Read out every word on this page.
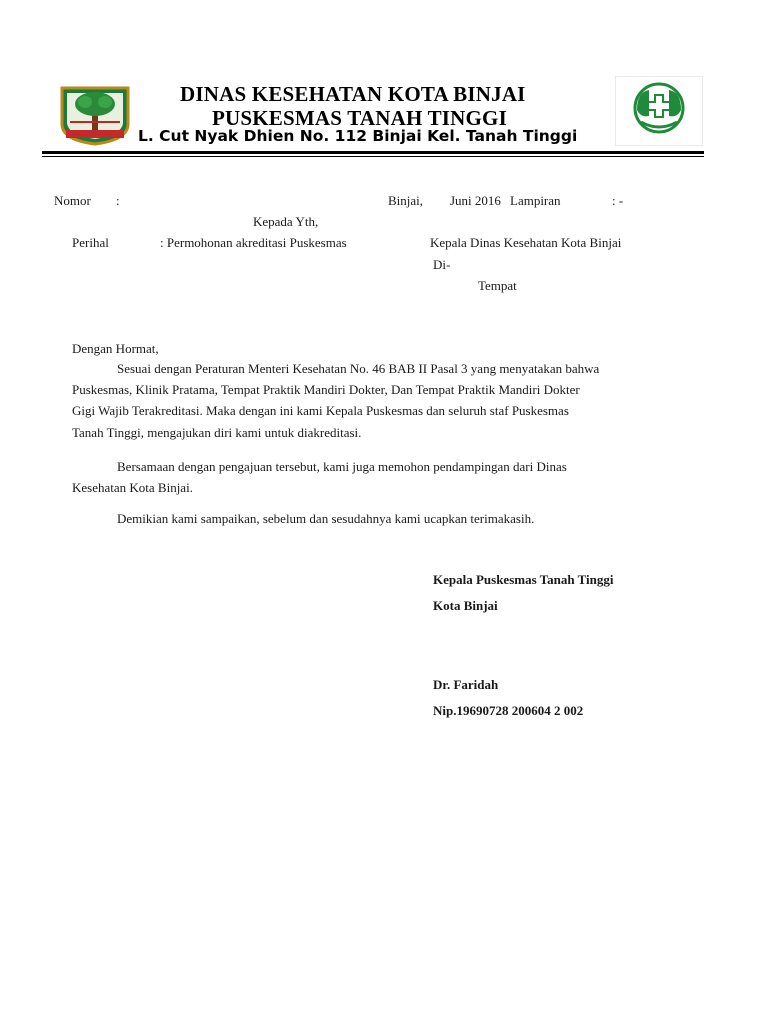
DINAS KESEHATAN KOTA BINJAI
PUSKESMAS TANAH TINGGI
L. Cut Nyak Dhien No. 112 Binjai Kel. Tanah Tinggi
Nomor :	Binjai, Juni 2016 Lampiran	: -
Kepada Yth,
Perihal	: Permohonan akreditasi Puskesmas	Kepala Dinas Kesehatan Kota Binjai
Di-
Tempat
Dengan Hormat,
Sesuai dengan Peraturan Menteri Kesehatan No. 46 BAB II Pasal 3 yang menyatakan bahwa
Puskesmas, Klinik Pratama, Tempat Praktik Mandiri Dokter, Dan Tempat Praktik Mandiri Dokter
Gigi Wajib Terakreditasi. Maka dengan ini kami Kepala Puskesmas dan seluruh staf Puskesmas
Tanah Tinggi, mengajukan diri kami untuk diakreditasi.
Bersamaan dengan pengajuan tersebut, kami juga memohon pendampingan dari Dinas
Kesehatan Kota Binjai.
Demikian kami sampaikan, sebelum dan sesudahnya kami ucapkan terimakasih.
Kepala Puskesmas Tanah Tinggi
Kota Binjai
Dr. Faridah
Nip.19690728 200604 2 002
